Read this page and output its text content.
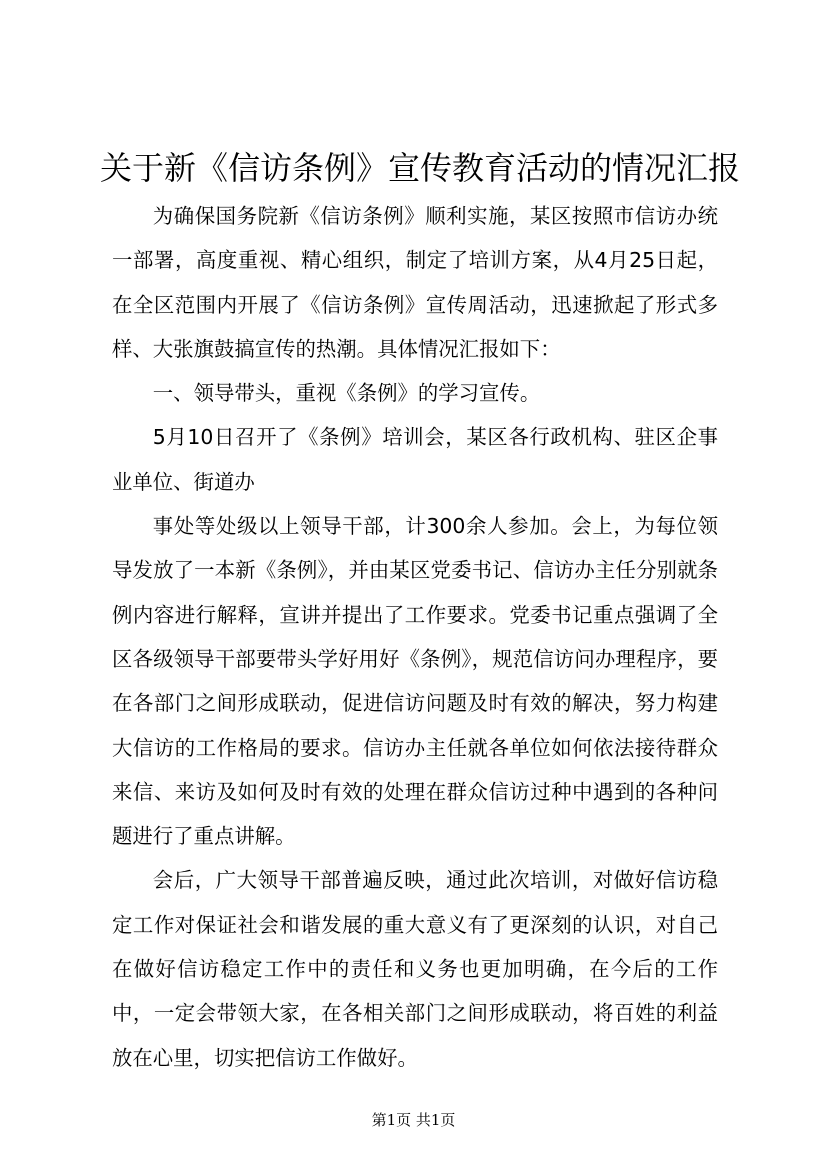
关于新《信访条例》宣传教育活动的情况汇报

为确保国务院新《信访条例》顺利实施，某区按照市信访办统一部署，高度重视、精心组织，制定了培训方案，从4月25日起，在全区范围内开展了《信访条例》宣传周活动，迅速掀起了形式多样、大张旗鼓搞宣传的热潮。具体情况汇报如下：

一、领导带头，重视《条例》的学习宣传。

5月10日召开了《条例》培训会，某区各行政机构、驻区企事业单位、街道办

事处等处级以上领导干部，计300余人参加。会上，为每位领导发放了一本新《条例》，并由某区党委书记、信访办主任分别就条例内容进行解释，宣讲并提出了工作要求。党委书记重点强调了全区各级领导干部要带头学好用好《条例》，规范信访问办理程序，要在各部门之间形成联动，促进信访问题及时有效的解决，努力构建大信访的工作格局的要求。信访办主任就各单位如何依法接待群众来信、来访及如何及时有效的处理在群众信访过种中遇到的各种问题进行了重点讲解。

会后，广大领导干部普遍反映，通过此次培训，对做好信访稳定工作对保证社会和谐发展的重大意义有了更深刻的认识，对自己在做好信访稳定工作中的责任和义务也更加明确，在今后的工作中，一定会带领大家，在各相关部门之间形成联动，将百姓的利益放在心里，切实把信访工作做好。

第1页 共1页
